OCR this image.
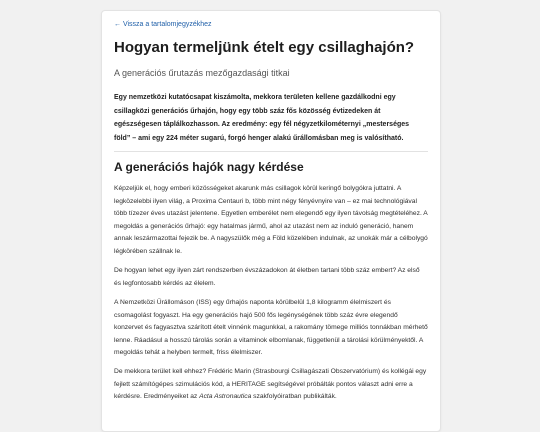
← Vissza a tartalomjegyzékhez
Hogyan termeljünk ételt egy csillaghajón?

A generációs űrutazás mezőgazdasági titkai

Egy nemzetközi kutatócsapat kiszámolta, mekkora területen kellene gazdálkodni egy csillagközi generációs űrhajón, hogy egy több száz fős közösség évtizedeken át egészségesen táplálkozhasson. Az eredmény: egy fél négyzetkilométernyi „mesterséges föld” – ami egy 224 méter sugarú, forgó henger alakú űrállomásban meg is valósítható.

A generációs hajók nagy kérdése

Képzeljük el, hogy emberi közösségeket akarunk más csillagok körül keringő bolygókra juttatni. A legközelebbi ilyen világ, a Proxima Centauri b, több mint négy fényévnyire van – ez mai technológiával több tízezer éves utazást jelentene. Egyetlen emberélet nem elegendő egy ilyen távolság megtételéhez. A megoldás a generációs űrhajó: egy hatalmas jármű, ahol az utazást nem az induló generáció, hanem annak leszármazottai fejezik be. A nagyszülők még a Föld közelében indulnak, az unokák már a célbolygó légkörében szállnak le.

De hogyan lehet egy ilyen zárt rendszerben évszázadokon át életben tartani több száz embert? Az első és legfontosabb kérdés az élelem.

A Nemzetközi Űrállomáson (ISS) egy űrhajós naponta körülbelül 1,8 kilogramm élelmiszert és csomagolást fogyaszt. Ha egy generációs hajó 500 fős legénységének több száz évre elegendő konzervet és fagyasztva szárított ételt vinnénk magunkkal, a rakomány tömege milliós tonnákban mérhető lenne. Ráadásul a hosszú tárolás során a vitaminok elbomlanak, függetlenül a tárolási körülményektől. A megoldás tehát a helyben termelt, friss élelmiszer.

De mekkora terület kell ehhez? Frédéric Marin (Strasbourgi Csillagászati Obszervatórium) és kollégái egy fejlett számítógépes szimulációs kód, a HERITAGE segítségével próbálták pontos választ adni erre a kérdésre. Eredményeiket az Acta Astronautica szakfolyóiratban publikálták.
